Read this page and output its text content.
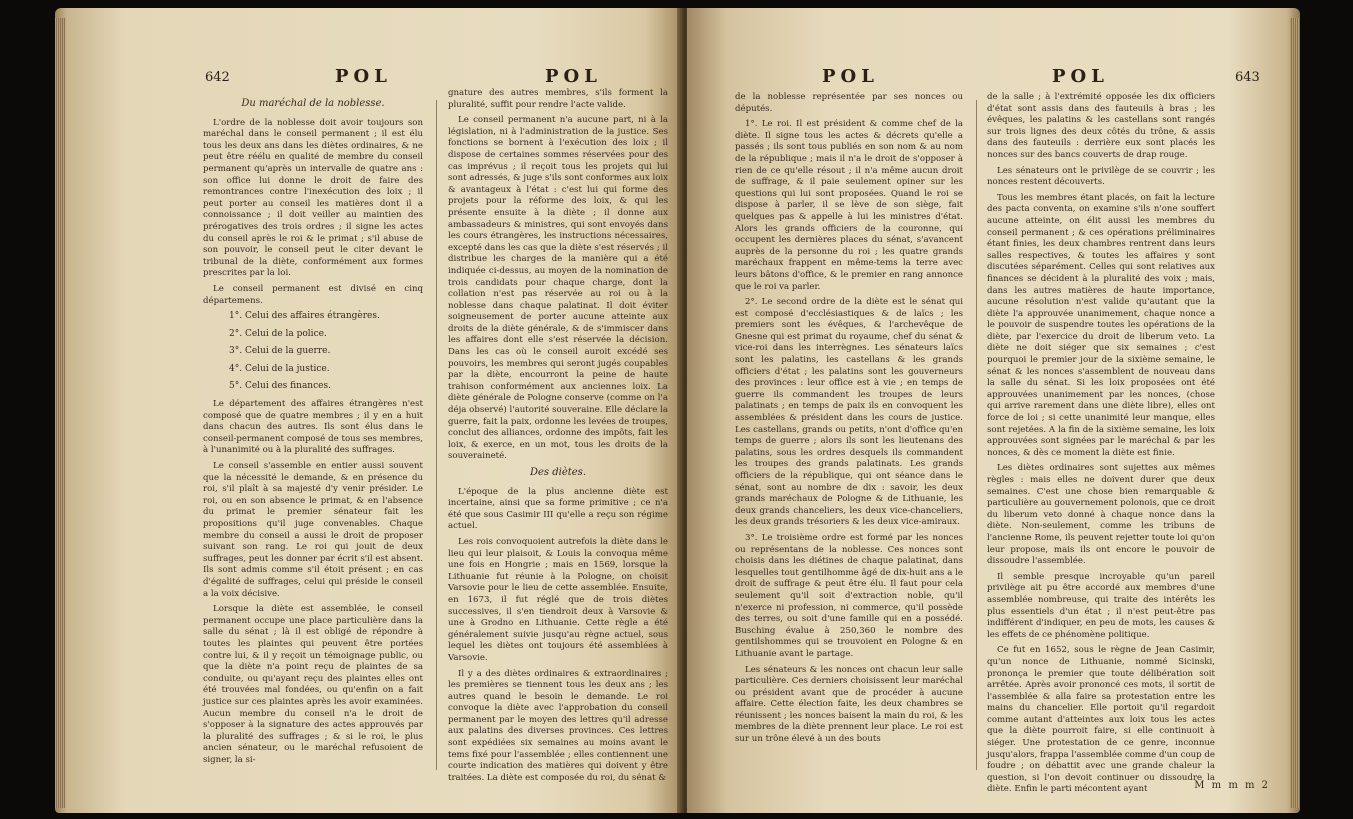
642	POL	POL
Du maréchal de la noblesse.

L'ordre de la noblesse doit avoir toujours son maréchal dans le conseil permanent ; il est élu tous les deux ans dans les diètes ordinaires, & ne peut être réélu en qualité de membre du conseil permanent qu'après un intervalle de quatre ans : son office lui donne le droit de faire des remontrances contre l'inexécution des loix ; il peut porter au conseil les matières dont il a connoissance ; il doit veiller au maintien des prérogatives des trois ordres ; il signe les actes du conseil après le roi & le primat ; s'il abuse de son pouvoir, le conseil peut le citer devant le tribunal de la diète, conformément aux formes prescrites par la loi.

Le conseil permanent est divisé en cinq départemens.

1°. Celui des affaires étrangères.
2°. Celui de la police.
3°. Celui de la guerre.
4°. Celui de la justice.
5°. Celui des finances.

Le département des affaires étrangères n'est composé que de quatre membres ; il y en a huit dans chacun des autres. Ils sont élus dans le conseil-permanent composé de tous ses membres, à l'unanimité ou à la pluralité des suffrages.

Le conseil s'assemble en entier aussi souvent que la nécessité le demande, & en présence du roi, s'il plaît à sa majesté d'y venir présider. Le roi, ou en son absence le primat, & en l'absence du primat le premier sénateur fait les propositions qu'il juge convenables. Chaque membre du conseil a aussi le droit de proposer suivant son rang. Le roi qui jouit de deux suffrages, peut les donner par écrit s'il est absent. Ils sont admis comme s'il étoit présent ; en cas d'égalité de suffrages, celui qui préside le conseil a la voix décisive.

Lorsque la diète est assemblée, le conseil permanent occupe une place particulière dans la salle du sénat ; là il est obligé de répondre à toutes les plaintes qui peuvent être portées contre lui, & il y reçoit un témoignage public, ou que la diète n'a point reçu de plaintes de sa conduite, ou qu'ayant reçu des plaintes elles ont été trouvées mal fondées, ou qu'enfin on a fait justice sur ces plaintes après les avoir examinées. Aucun membre du conseil n'a le droit de s'opposer à la signature des actes approuvés par la pluralité des suffrages ; & si le roi, le plus ancien sénateur, ou le maréchal refusoient de signer, la si-

gnature des autres membres, s'ils forment la pluralité, suffit pour rendre l'acte valide.

Le conseil permanent n'a aucune part, ni à la législation, ni à l'administration de la justice. Ses fonctions se bornent à l'exécution des loix ; il dispose de certaines sommes réservées pour des cas imprévus ; il reçoit tous les projets qui lui sont adressés, & juge s'ils sont conformes aux loix & avantageux à l'état : c'est lui qui forme des projets pour la réforme des loix, & qui les présente ensuite à la diète ; il donne aux ambassadeurs & ministres, qui sont envoyés dans les cours étrangères, les instructions nécessaires, excepté dans les cas que la diète s'est réservés ; il distribue les charges de la manière qui a été indiquée ci-dessus, au moyen de la nomination de trois candidats pour chaque charge, dont la collation n'est pas réservée au roi ou à la noblesse dans chaque palatinat. Il doit éviter soigneusement de porter aucune atteinte aux droits de la diète générale, & de s'immiscer dans les affaires dont elle s'est réservée la décision. Dans les cas où le conseil auroit excédé ses pouvoirs, les membres qui seront jugés coupables par la diète, encourront la peine de haute trahison conformément aux anciennes loix. La diète générale de Pologne conserve (comme on l'a déja observé) l'autorité souveraine. Elle déclare la guerre, fait la paix, ordonne les levées de troupes, conclut des alliances, ordonne des impôts, fait les loix, & exerce, en un mot, tous les droits de la souveraineté.

Des diètes.

L'époque de la plus ancienne diète est incertaine, ainsi que sa forme primitive ; ce n'a été que sous Casimir III qu'elle a reçu son régime actuel.

Les rois convoquoient autrefois la diète dans le lieu qui leur plaisoit, & Louis la convoqua même une fois en Hongrie ; mais en 1569, lorsque la Lithuanie fut réunie à la Pologne, on choisit Varsovie pour le lieu de cette assemblée. Ensuite, en 1673, il fut réglé que de trois diètes successives, il s'en tiendroit deux à Varsovie & une à Grodno en Lithuanie. Cette règle a été généralement suivie jusqu'au règne actuel, sous lequel les diètes ont toujours été assemblées à Varsovie.

Il y a des diètes ordinaires & extraordinaires ; les premières se tiennent tous les deux ans ; les autres quand le besoin le demande. Le roi convoque la diète avec l'approbation du conseil permanent par le moyen des lettres qu'il adresse aux palatins des diverses provinces. Ces lettres sont expédiées six semaines au moins avant le tems fixé pour l'assemblée ; elles contiennent une courte indication des matières qui doivent y être traitées. La diète est composée du roi, du sénat &

POL	POL	643

de la noblesse représentée par ses nonces ou députés.

1°. Le roi. Il est président & comme chef de la diète. Il signe tous les actes & décrets qu'elle a passés ; ils sont tous publiés en son nom & au nom de la république ; mais il n'a le droit de s'opposer à rien de ce qu'elle résout ; il n'a même aucun droit de suffrage, & il paie seulement opiner sur les questions qui lui sont proposées. Quand le roi se dispose à parler, il se lève de son siège, fait quelques pas & appelle à lui les ministres d'état. Alors les grands officiers de la couronne, qui occupent les dernières places du sénat, s'avancent auprès de la personne du roi ; les quatre grands maréchaux frappent en même-tems la terre avec leurs bâtons d'office, & le premier en rang annonce que le roi va parler.

2°. Le second ordre de la diète est le sénat qui est composé d'ecclésiastiques & de laïcs ; les premiers sont les évêques, & l'archevêque de Gnesne qui est primat du royaume, chef du sénat & vice-roi dans les interrègnes. Les sénateurs laïcs sont les palatins, les castellans & les grands officiers d'état ; les palatins sont les gouverneurs des provinces : leur office est à vie ; en temps de guerre ils commandent les troupes de leurs palatinats ; en temps de paix ils en convoquent les assemblées & président dans les cours de justice. Les castellans, grands ou petits, n'ont d'office qu'en temps de guerre ; alors ils sont les lieutenans des palatins, sous les ordres desquels ils commandent les troupes des grands palatinats. Les grands officiers de la république, qui ont séance dans le sénat, sont au nombre de dix : savoir, les deux grands maréchaux de Pologne & de Lithuanie, les deux grands chanceliers, les deux vice-chanceliers, les deux grands trésoriers & les deux vice-amiraux.

3°. Le troisième ordre est formé par les nonces ou représentans de la noblesse. Ces nonces sont choisis dans les diétines de chaque palatinat, dans lesquelles tout gentilhomme âgé de dix-huit ans a le droit de suffrage & peut être élu. Il faut pour cela seulement qu'il soit d'extraction noble, qu'il n'exerce ni profession, ni commerce, qu'il possède des terres, ou soit d'une famille qui en a possédé. Busching évalue à 250,360 le nombre des gentilshommes qui se trouvoient en Pologne & en Lithuanie avant le partage.

Les sénateurs & les nonces ont chacun leur salle particulière. Ces derniers choisissent leur maréchal ou président avant que de procéder à aucune affaire. Cette élection faite, les deux chambres se réunissent ; les nonces baisent la main du roi, & les membres de la diète prennent leur place. Le roi est sur un trône élevé à un des bouts

de la salle ; à l'extrémité opposée les dix officiers d'état sont assis dans des fauteuils à bras ; les évêques, les palatins & les castellans sont rangés sur trois lignes des deux côtés du trône, & assis dans des fauteuils : derrière eux sont placés les nonces sur des bancs couverts de drap rouge.

Les sénateurs ont le privilège de se couvrir ; les nonces restent découverts.

Tous les membres étant placés, on fait la lecture des pacta conventa, on examine s'ils n'one souffert aucune atteinte, on élit aussi les membres du conseil permanent ; & ces opérations préliminaires étant finies, les deux chambres rentrent dans leurs salles respectives, & toutes les affaires y sont discutées séparément. Celles qui sont relatives aux finances se décident à la pluralité des voix ; mais, dans les autres matières de haute importance, aucune résolution n'est valide qu'autant que la diète l'a approuvée unanimement, chaque nonce a le pouvoir de suspendre toutes les opérations de la diète, par l'exercice du droit de liberum veto. La diète ne doit siéger que six semaines ; c'est pourquoi le premier jour de la sixième semaine, le sénat & les nonces s'assemblent de nouveau dans la salle du sénat. Si les loix proposées ont été approuvées unanimement par les nonces, (chose qui arrive rarement dans une diète libre), elles ont force de loi ; si cette unanimité leur manque, elles sont rejetées. A la fin de la sixième semaine, les loix approuvées sont signées par le maréchal & par les nonces, & dès ce moment la diète est finie.

Les diètes ordinaires sont sujettes aux mêmes règles : mais elles ne doivent durer que deux semaines. C'est une chose bien remarquable & particulière au gouvernement polonois, que ce droit du liberum veto donné à chaque nonce dans la diète. Non-seulement, comme les tribuns de l'ancienne Rome, ils peuvent rejetter toute loi qu'on leur propose, mais ils ont encore le pouvoir de dissoudre l'assemblée.

Il semble presque incroyable qu'un pareil privilège ait pu être accordé aux membres d'une assemblée nombreuse, qui traite des intérêts les plus essentiels d'un état ; il n'est peut-être pas indifférent d'indiquer, en peu de mots, les causes & les effets de ce phénomène politique.

Ce fut en 1652, sous le règne de Jean Casimir, qu'un nonce de Lithuanie, nommé Sicinski, prononça le premier que toute délibération soit arrêtée. Après avoir prononcé ces mots, il sortit de l'assemblée & alla faire sa protestation entre les mains du chancelier. Elle portoit qu'il regardoit comme autant d'atteintes aux loix tous les actes que la diète pourroit faire, si elle continuoit à siéger. Une protestation de ce genre, inconnue jusqu'alors, frappa l'assemblée comme d'un coup de foudre ; on débattit avec une grande chaleur la question, si l'on devoit continuer ou dissoudre la diète. Enfin le parti mécontent ayant	M m m m 2
